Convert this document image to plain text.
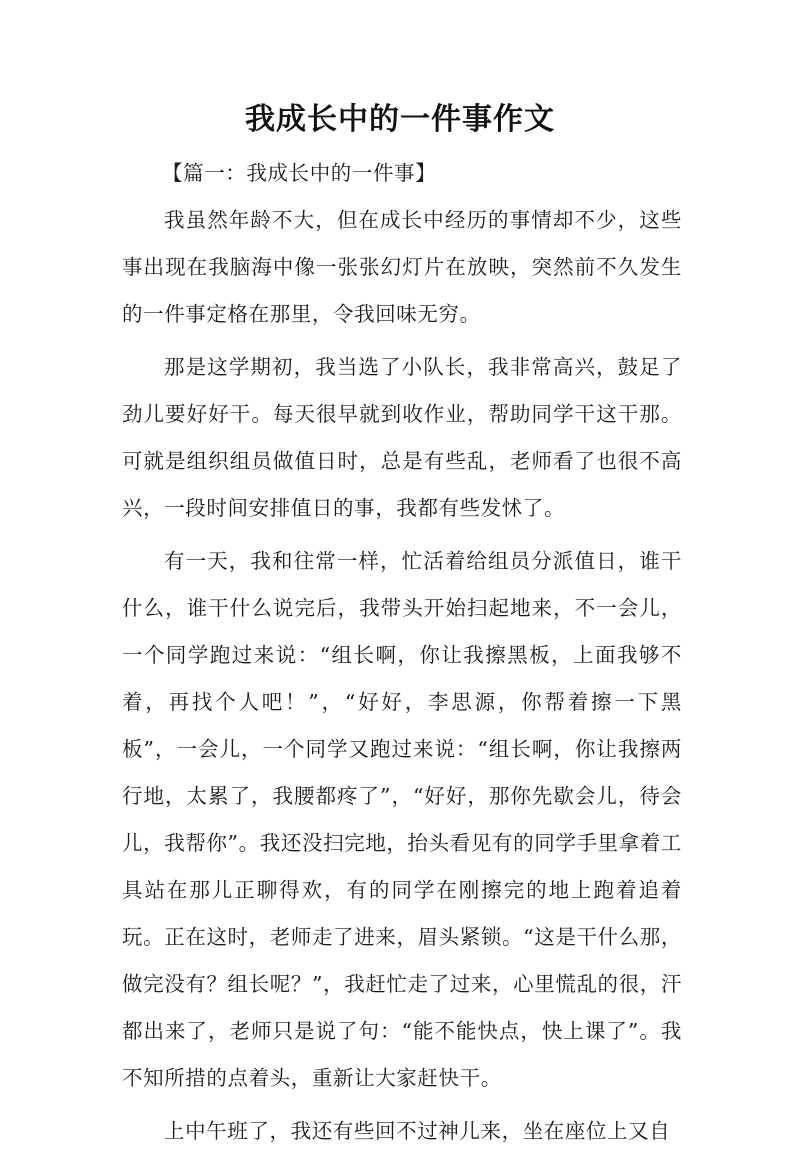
我成长中的一件事作文

【篇一：我成长中的一件事】

我虽然年龄不大，但在成长中经历的事情却不少，这些事出现在我脑海中像一张张幻灯片在放映，突然前不久发生的一件事定格在那里，令我回味无穷。

那是这学期初，我当选了小队长，我非常高兴，鼓足了劲儿要好好干。每天很早就到收作业，帮助同学干这干那。可就是组织组员做值日时，总是有些乱，老师看了也很不高兴，一段时间安排值日的事，我都有些发怵了。

有一天，我和往常一样，忙活着给组员分派值日，谁干什么，谁干什么说完后，我带头开始扫起地来，不一会儿，一个同学跑过来说：“组长啊，你让我擦黑板，上面我够不着，再找个人吧！”，“好好，李思源，你帮着擦一下黑板”，一会儿，一个同学又跑过来说：“组长啊，你让我擦两行地，太累了，我腰都疼了”，“好好，那你先歇会儿，待会儿，我帮你”。我还没扫完地，抬头看见有的同学手里拿着工具站在那儿正聊得欢，有的同学在刚擦完的地上跑着追着玩。正在这时，老师走了进来，眉头紧锁。“这是干什么那，做完没有？组长呢？”，我赶忙走了过来，心里慌乱的很，汗都出来了，老师只是说了句：“能不能快点，快上课了”。我不知所措的点着头，重新让大家赶快干。

上中午班了，我还有些回不过神儿来，坐在座位上又自
